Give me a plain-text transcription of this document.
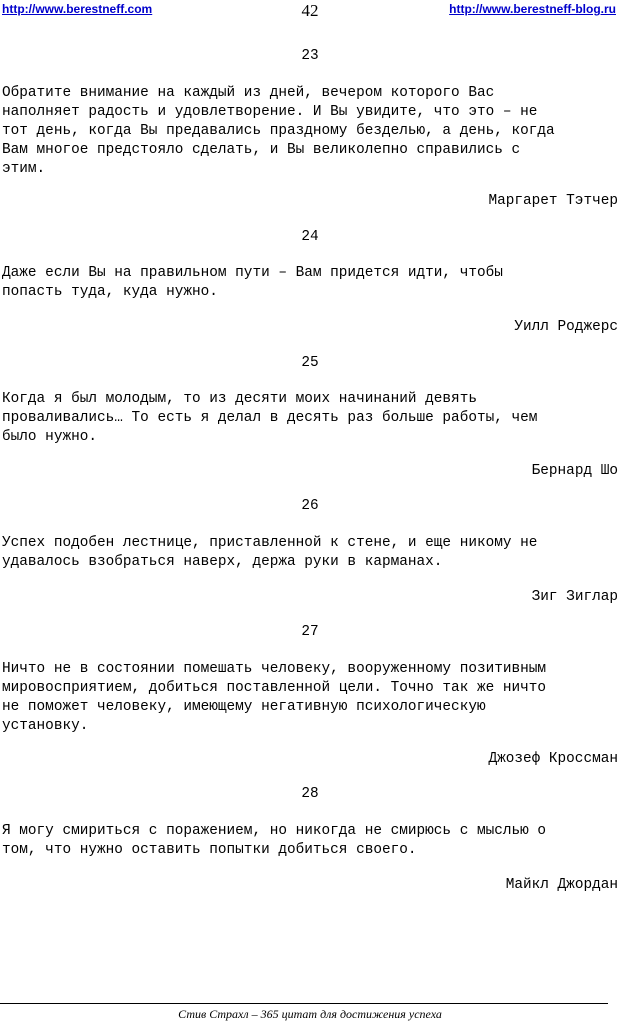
http://www.berestneff.com	42	http://www.berestneff-blog.ru
23
Обратите внимание на каждый из дней, вечером которого Вас
наполняет радость и удовлетворение. И Вы увидите, что это – не
тот день, когда Вы предавались праздному безделью, а день, когда
Вам многое предстояло сделать, и Вы великолепно справились с
этим.
Маргарет Тэтчер
24
Даже если Вы на правильном пути – Вам придется идти, чтобы
попасть туда, куда нужно.
Уилл Роджерс
25
Когда я был молодым, то из десяти моих начинаний девять
проваливались… То есть я делал в десять раз больше работы, чем
было нужно.
Бернард Шо
26
Успех подобен лестнице, приставленной к стене, и еще никому не
удавалось взобраться наверх, держа руки в карманах.
Зиг Зиглар
27
Ничто не в состоянии помешать человеку, вооруженному позитивным
мировосприятием, добиться поставленной цели. Точно так же ничто
не поможет человеку, имеющему негативную психологическую
установку.
Джозеф Кроссман
28
Я могу смириться с поражением, но никогда не смирюсь с мыслью о
том, что нужно оставить попытки добиться своего.
Майкл Джордан
Стив Страхл – 365 цитат для достижения успеха
